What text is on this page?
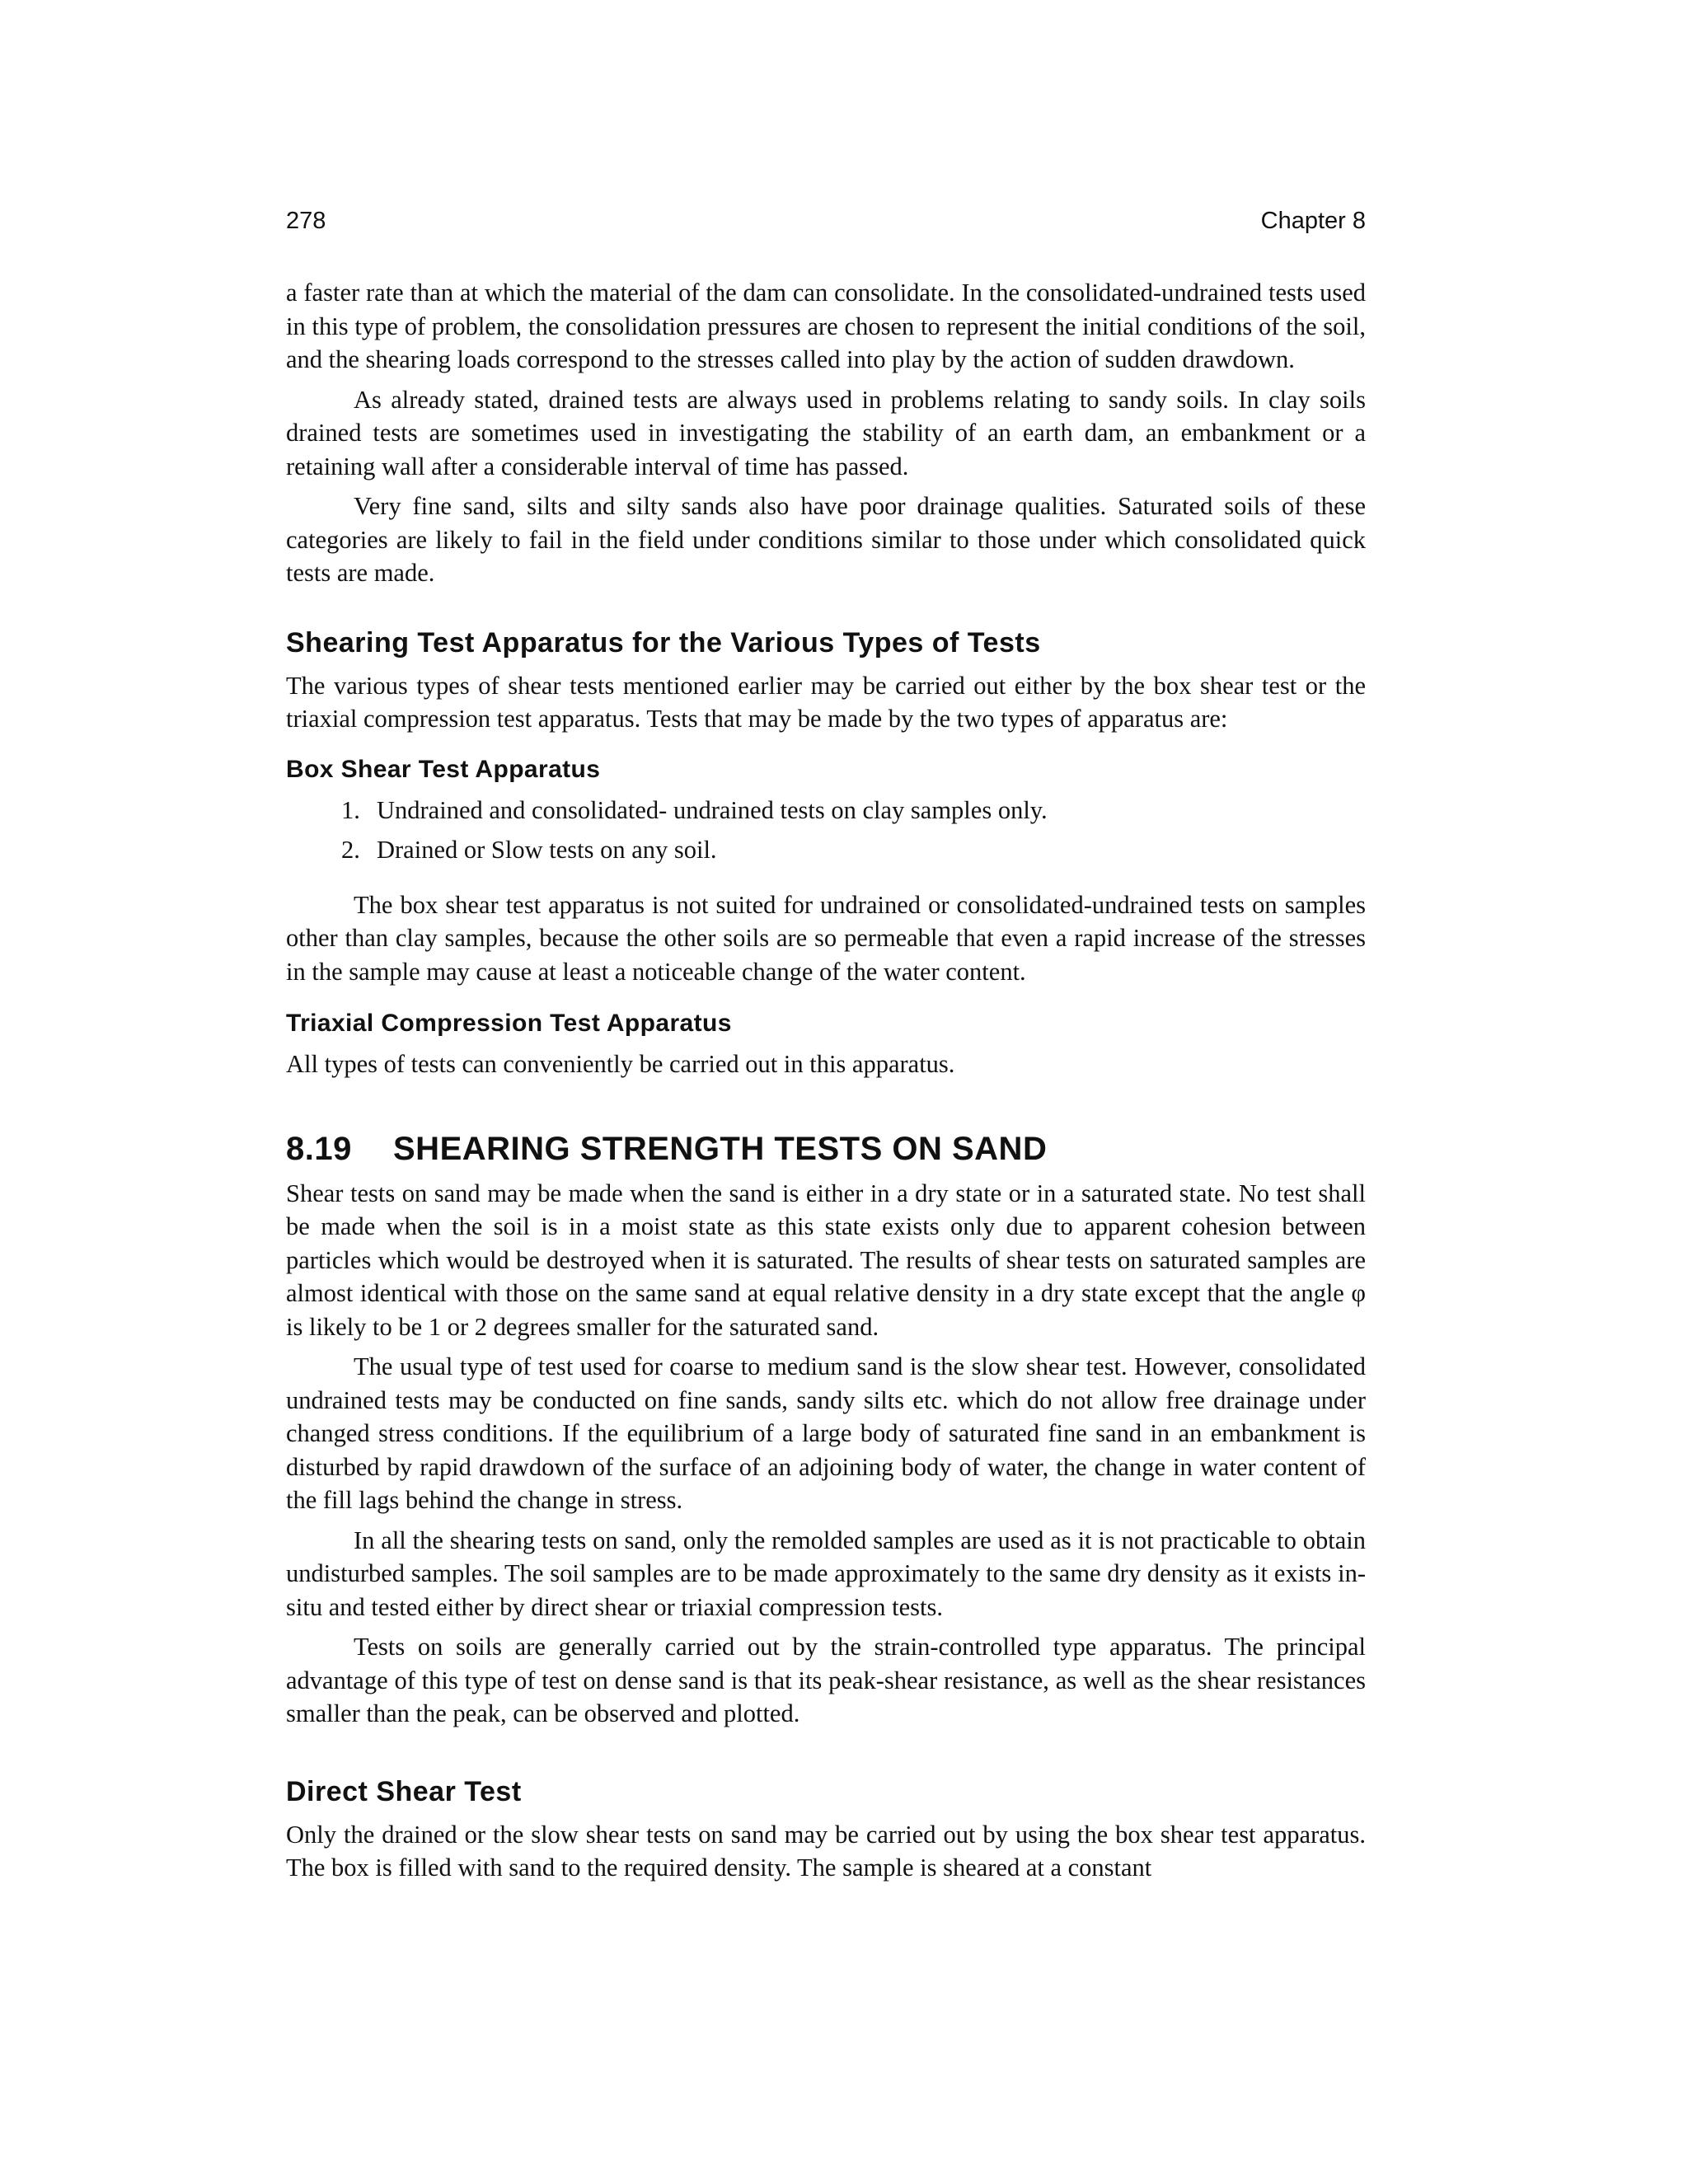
278	Chapter 8

a faster rate than at which the material of the dam can consolidate. In the consolidated-undrained tests used in this type of problem, the consolidation pressures are chosen to represent the initial conditions of the soil, and the shearing loads correspond to the stresses called into play by the action of sudden drawdown.

As already stated, drained tests are always used in problems relating to sandy soils. In clay soils drained tests are sometimes used in investigating the stability of an earth dam, an embankment or a retaining wall after a considerable interval of time has passed.

Very fine sand, silts and silty sands also have poor drainage qualities. Saturated soils of these categories are likely to fail in the field under conditions similar to those under which consolidated quick tests are made.

Shearing Test Apparatus for the Various Types of Tests

The various types of shear tests mentioned earlier may be carried out either by the box shear test or the triaxial compression test apparatus. Tests that may be made by the two types of apparatus are:

Box Shear Test Apparatus
1. Undrained and consolidated- undrained tests on clay samples only.
2. Drained or Slow tests on any soil.

The box shear test apparatus is not suited for undrained or consolidated-undrained tests on samples other than clay samples, because the other soils are so permeable that even a rapid increase of the stresses in the sample may cause at least a noticeable change of the water content.

Triaxial Compression Test Apparatus

All types of tests can conveniently be carried out in this apparatus.

8.19 SHEARING STRENGTH TESTS ON SAND

Shear tests on sand may be made when the sand is either in a dry state or in a saturated state. No test shall be made when the soil is in a moist state as this state exists only due to apparent cohesion between particles which would be destroyed when it is saturated. The results of shear tests on saturated samples are almost identical with those on the same sand at equal relative density in a dry state except that the angle φ is likely to be 1 or 2 degrees smaller for the saturated sand.

The usual type of test used for coarse to medium sand is the slow shear test. However, consolidated undrained tests may be conducted on fine sands, sandy silts etc. which do not allow free drainage under changed stress conditions. If the equilibrium of a large body of saturated fine sand in an embankment is disturbed by rapid drawdown of the surface of an adjoining body of water, the change in water content of the fill lags behind the change in stress.

In all the shearing tests on sand, only the remolded samples are used as it is not practicable to obtain undisturbed samples. The soil samples are to be made approximately to the same dry density as it exists in-situ and tested either by direct shear or triaxial compression tests.

Tests on soils are generally carried out by the strain-controlled type apparatus. The principal advantage of this type of test on dense sand is that its peak-shear resistance, as well as the shear resistances smaller than the peak, can be observed and plotted.

Direct Shear Test

Only the drained or the slow shear tests on sand may be carried out by using the box shear test apparatus. The box is filled with sand to the required density. The sample is sheared at a constant
